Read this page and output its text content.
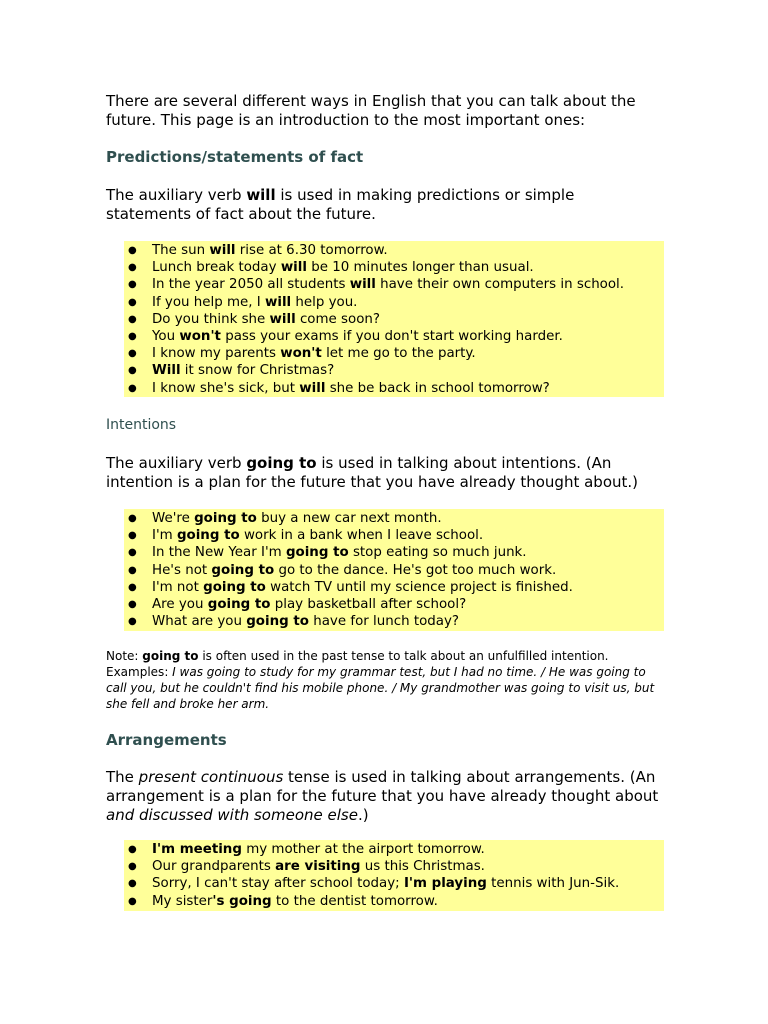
There are several different ways in English that you can talk about the
future. This page is an introduction to the most important ones:

Predictions/statements of fact

The auxiliary verb will is used in making predictions or simple statements of fact about the future.

● The sun will rise at 6.30 tomorrow.
● Lunch break today will be 10 minutes longer than usual.
● In the year 2050 all students will have their own computers in school.
● If you help me, I will help you.
● Do you think she will come soon?
● You won't pass your exams if you don't start working harder.
● I know my parents won't let me go to the party.
● Will it snow for Christmas?
● I know she's sick, but will she be back in school tomorrow?
Intentions

The auxiliary verb going to is used in talking about intentions. (An intention is a plan for the future that you have already thought about.)

● We're going to buy a new car next month.
● I'm going to work in a bank when I leave school.
● In the New Year I'm going to stop eating so much junk.
● He's not going to go to the dance. He's got too much work.
● I'm not going to watch TV until my science project is finished.
● Are you going to play basketball after school?
● What are you going to have for lunch today?

Note: going to is often used in the past tense to talk about an unfulfilled intention.
Examples: I was going to study for my grammar test, but I had no time. / He was going to call you, but he couldn't find his mobile phone. / My grandmother was going to visit us, but she fell and broke her arm.

Arrangements

The present continuous tense is used in talking about arrangements. (An arrangement is a plan for the future that you have already thought about and discussed with someone else.)

● I'm meeting my mother at the airport tomorrow.
● Our grandparents are visiting us this Christmas.
● Sorry, I can't stay after school today; I'm playing tennis with Jun-Sik.
● My sister's going to the dentist tomorrow.
